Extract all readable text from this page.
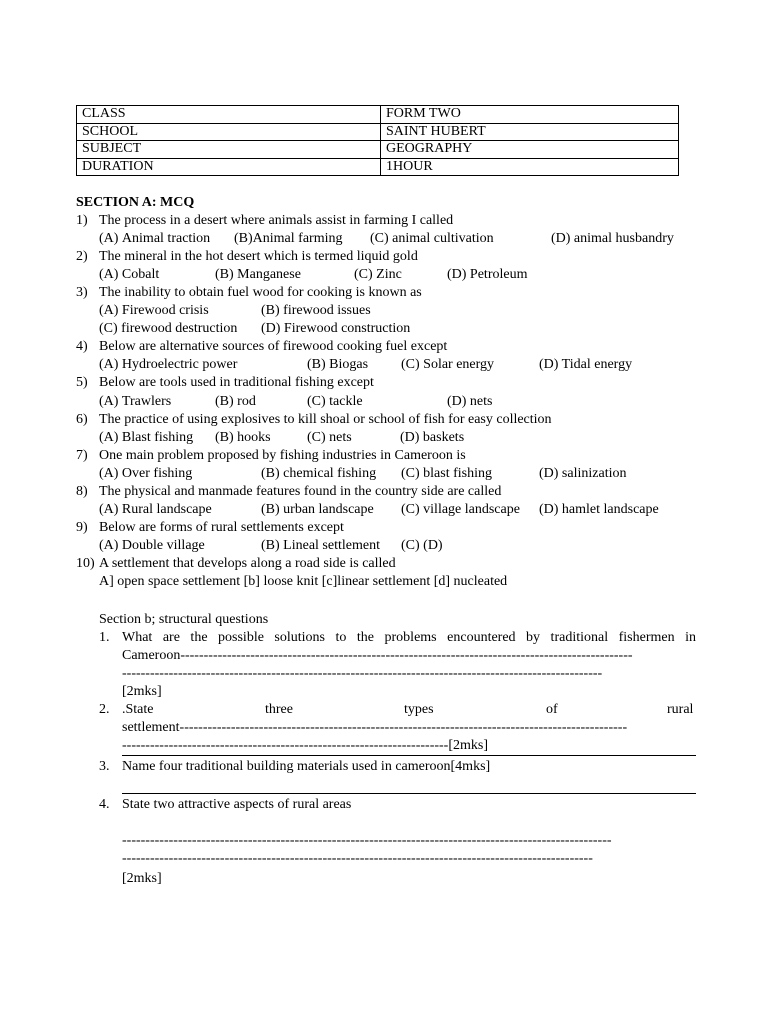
CLASS	FORM TWO
SCHOOL	SAINT HUBERT
SUBJECT	GEOGRAPHY
DURATION	1HOUR
SECTION A: MCQ
1) The process in a desert where animals assist in farming I called
(A) Animal traction (B)Animal farming (C) animal cultivation	(D) animal husbandry
2) The mineral in the hot desert which is termed liquid gold
(A) Cobalt	(B) Manganese	(C) Zinc	(D) Petroleum
3) The inability to obtain fuel wood for cooking is known as
(A) Firewood crisis	(B) firewood issues
(C) firewood destruction (D) Firewood construction
4) Below are alternative sources of firewood cooking fuel except
(A) Hydroelectric power	(B) Biogas (C) Solar energy	(D) Tidal energy
5) Below are tools used in traditional fishing except
(A) Trawlers	(B) rod	(C) tackle	(D) nets
6) The practice of using explosives to kill shoal or school of fish for easy collection
(A) Blast fishing (B) hooks	(C) nets	(D) baskets
7) One main problem proposed by fishing industries in Cameroon is
(A) Over fishing	(B) chemical fishing (C) blast fishing	(D) salinization
8) The physical and manmade features found in the country side are called
(A) Rural landscape	(B) urban landscape (C) village landscape (D) hamlet landscape
9) Below are forms of rural settlements except
(A) Double village	(B) Lineal settlement (C) (D)
10) A settlement that develops along a road side is called
A] open space settlement [b] loose knit [c]linear settlement [d] nucleated
Section b; structural questions
1. What are the possible solutions to the problems encountered by traditional fishermen in
Cameroon-------------------------------------------------------------------------------------------------
-------------------------------------------------------------------------------------------------------
[2mks]
2. .State	three	types	of	rural
settlement------------------------------------------------------------------------------------------------
----------------------------------------------------------------------[2mks]
3. Name four traditional building materials used in cameroon[4mks]
4. State two attractive aspects of rural areas
---------------------------------------------------------------------------------------------------------
-----------------------------------------------------------------------------------------------------
[2mks]
